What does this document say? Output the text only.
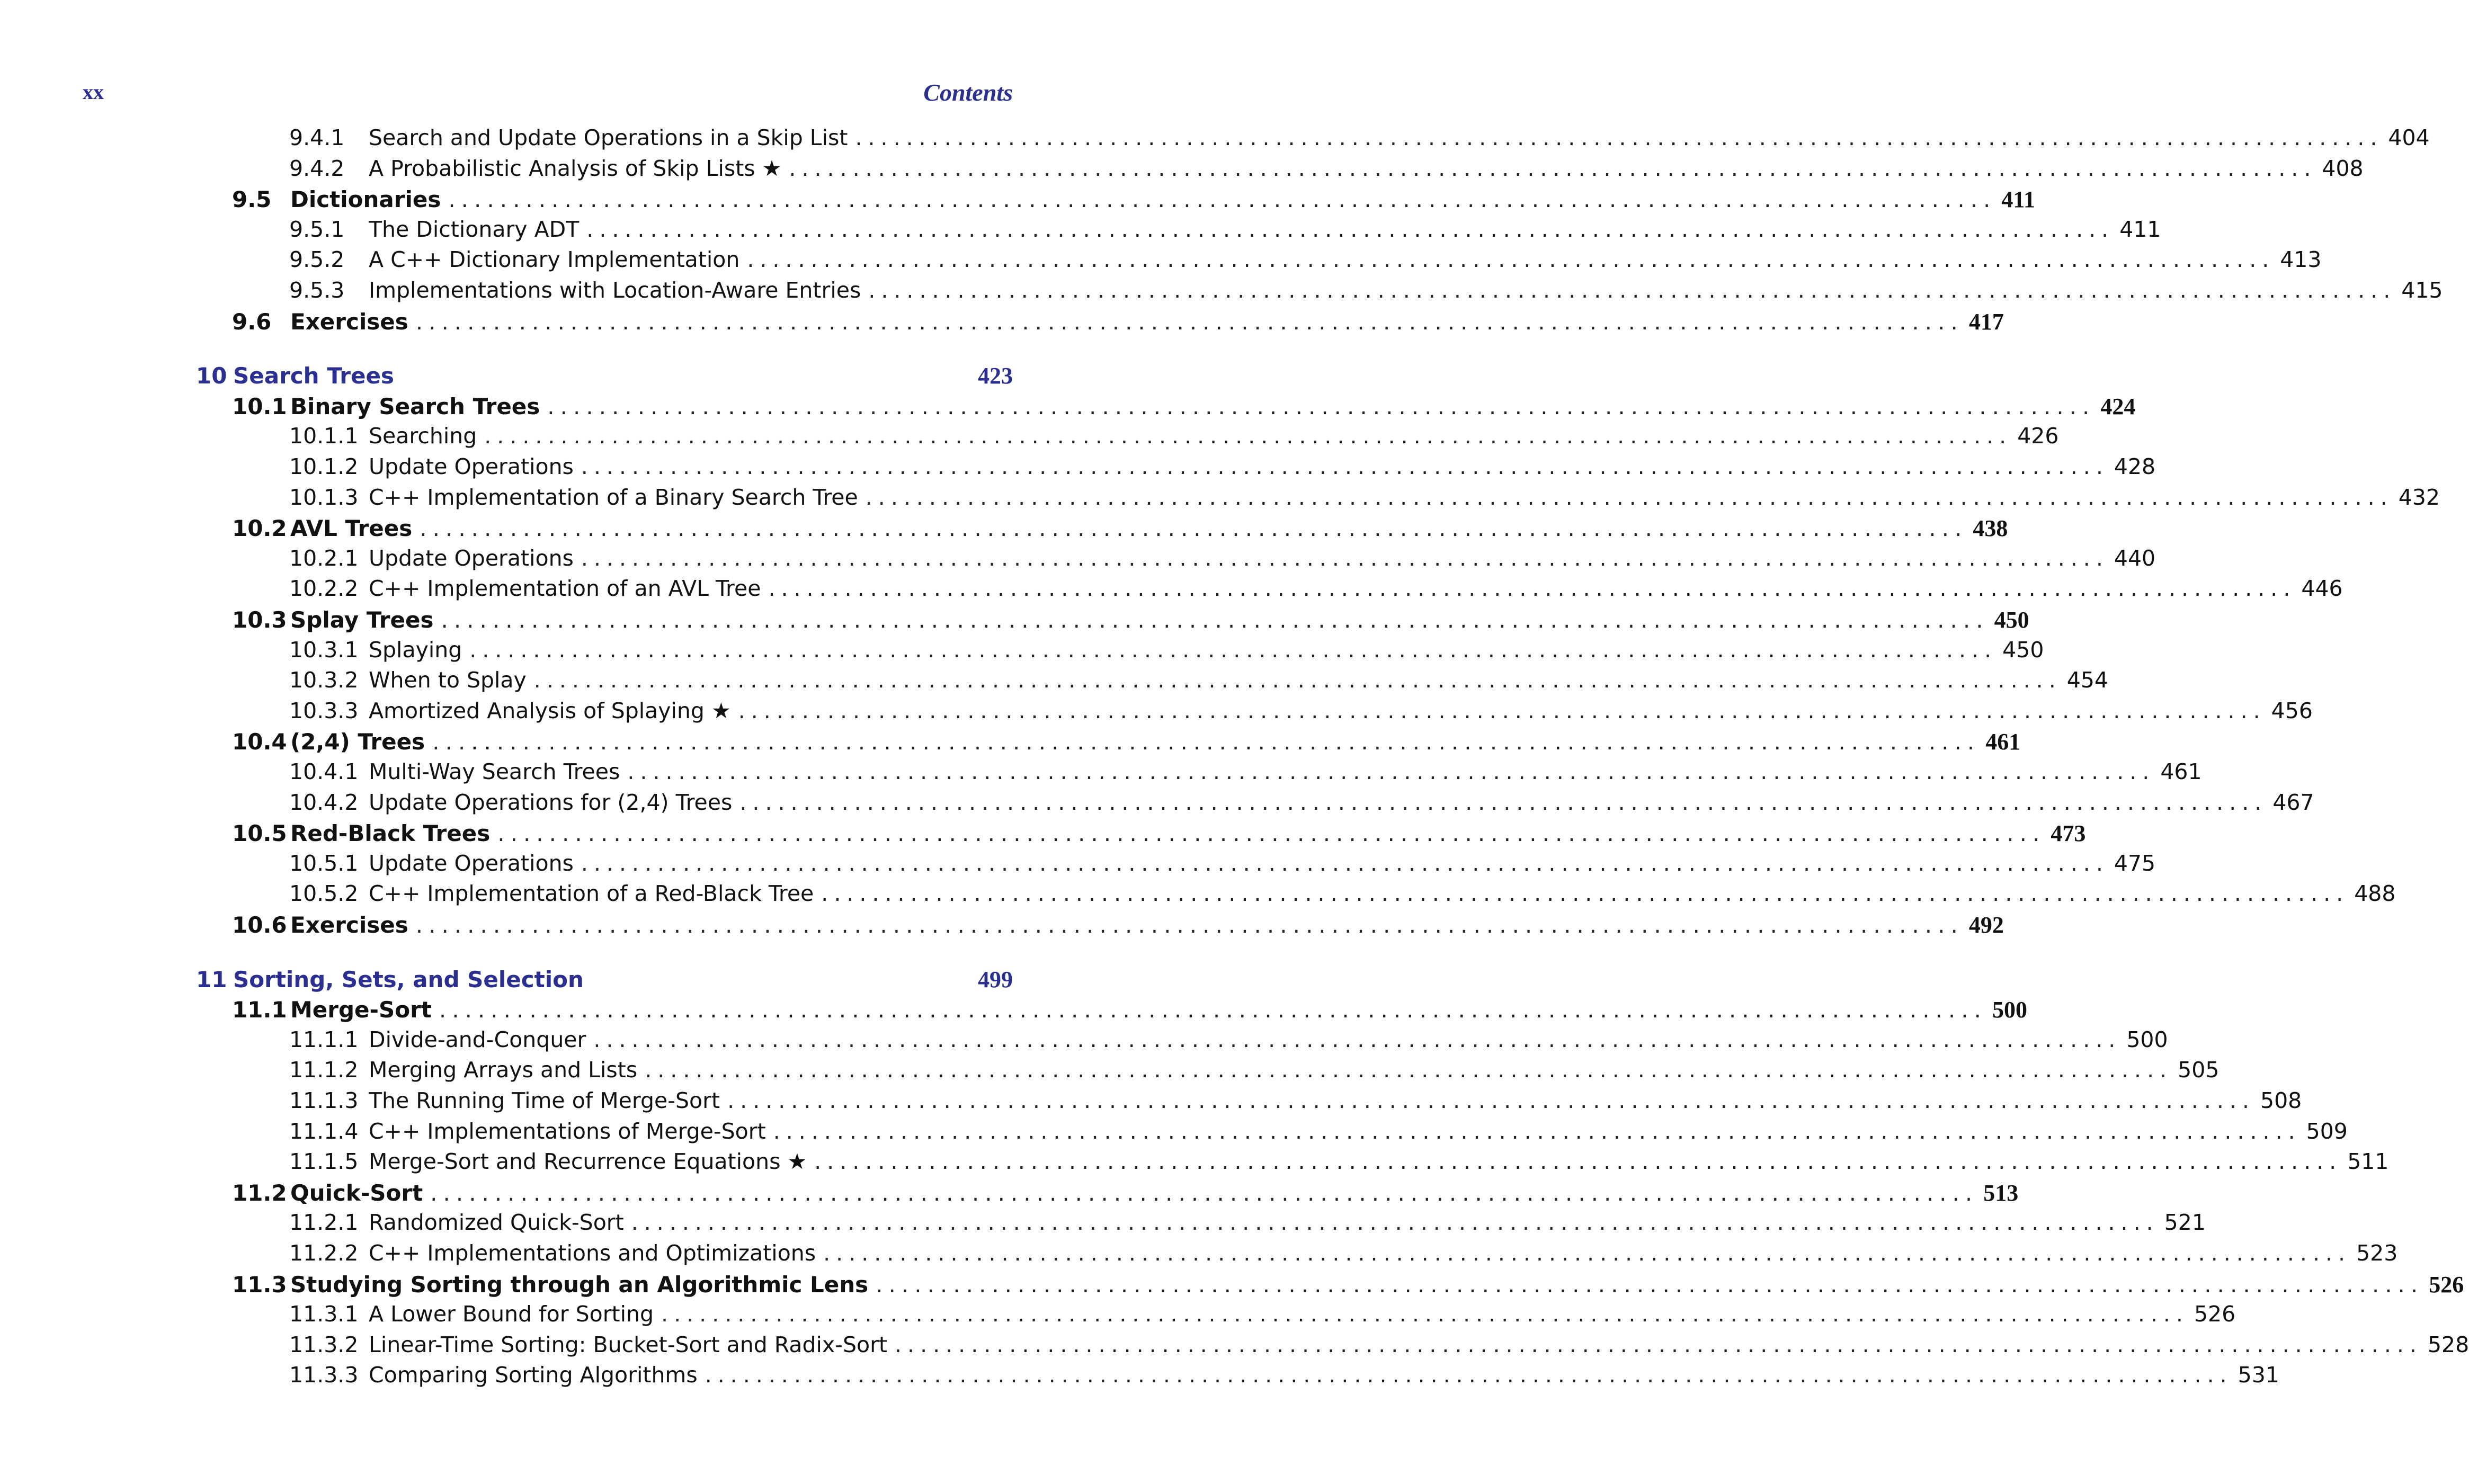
xx	Contents
9.4.1	Search and Update Operations in a Skip List ........................................................................................................................ 404
9.4.2	A Probabilistic Analysis of Skip Lists ★ ........................................................................................................................ 408
9.5 Dictionaries ........................................................................................................................ 411
9.5.1	The Dictionary ADT ........................................................................................................................ 411
9.5.2	A C++ Dictionary Implementation ........................................................................................................................ 413
9.5.3	Implementations with Location-Aware Entries ........................................................................................................................ 415
9.6 Exercises ........................................................................................................................ 417
10 Search Trees	423
10.1 Binary Search Trees ........................................................................................................................ 424
10.1.1 Searching ........................................................................................................................ 426
10.1.2 Update Operations ........................................................................................................................ 428
10.1.3 C++ Implementation of a Binary Search Tree ........................................................................................................................ 432
10.2 AVL Trees ........................................................................................................................ 438
10.2.1 Update Operations ........................................................................................................................ 440
10.2.2 C++ Implementation of an AVL Tree ........................................................................................................................ 446
10.3 Splay Trees ........................................................................................................................ 450
10.3.1 Splaying ........................................................................................................................ 450
10.3.2 When to Splay ........................................................................................................................ 454
10.3.3 Amortized Analysis of Splaying ★ ........................................................................................................................ 456
10.4 (2,4) Trees ........................................................................................................................ 461
10.4.1 Multi-Way Search Trees ........................................................................................................................ 461
10.4.2 Update Operations for (2,4) Trees ........................................................................................................................ 467
10.5 Red-Black Trees ........................................................................................................................ 473
10.5.1 Update Operations ........................................................................................................................ 475
10.5.2 C++ Implementation of a Red-Black Tree ........................................................................................................................ 488
10.6 Exercises ........................................................................................................................ 492
11 Sorting, Sets, and Selection	499
11.1 Merge-Sort ........................................................................................................................ 500
11.1.1 Divide-and-Conquer ........................................................................................................................ 500
11.1.2 Merging Arrays and Lists ........................................................................................................................ 505
11.1.3 The Running Time of Merge-Sort ........................................................................................................................ 508
11.1.4 C++ Implementations of Merge-Sort ........................................................................................................................ 509
11.1.5 Merge-Sort and Recurrence Equations ★ ........................................................................................................................ 511
11.2 Quick-Sort ........................................................................................................................ 513
11.2.1 Randomized Quick-Sort ........................................................................................................................ 521
11.2.2 C++ Implementations and Optimizations ........................................................................................................................ 523
11.3 Studying Sorting through an Algorithmic Lens ........................................................................................................................ 526
11.3.1 A Lower Bound for Sorting ........................................................................................................................ 526
11.3.2 Linear-Time Sorting: Bucket-Sort and Radix-Sort ........................................................................................................................ 528
11.3.3 Comparing Sorting Algorithms ........................................................................................................................ 531
